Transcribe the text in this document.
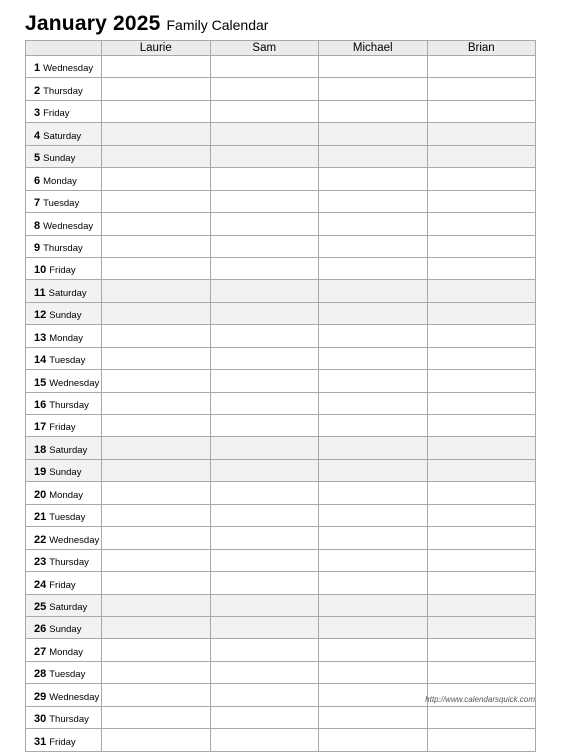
January 2025 Family Calendar
	Laurie	Sam	Michael	Brian
1 Wednesday				
2 Thursday				
3 Friday				
4 Saturday				
5 Sunday				
6 Monday				
7 Tuesday				
8 Wednesday				
9 Thursday				
10 Friday				
11 Saturday				
12 Sunday				
13 Monday				
14 Tuesday				
15 Wednesday				
16 Thursday				
17 Friday				
18 Saturday				
19 Sunday				
20 Monday				
21 Tuesday				
22 Wednesday				
23 Thursday				
24 Friday				
25 Saturday				
26 Sunday				
27 Monday				
28 Tuesday				
29 Wednesday				
30 Thursday				
31 Friday				
http://www.calendarsquick.com
